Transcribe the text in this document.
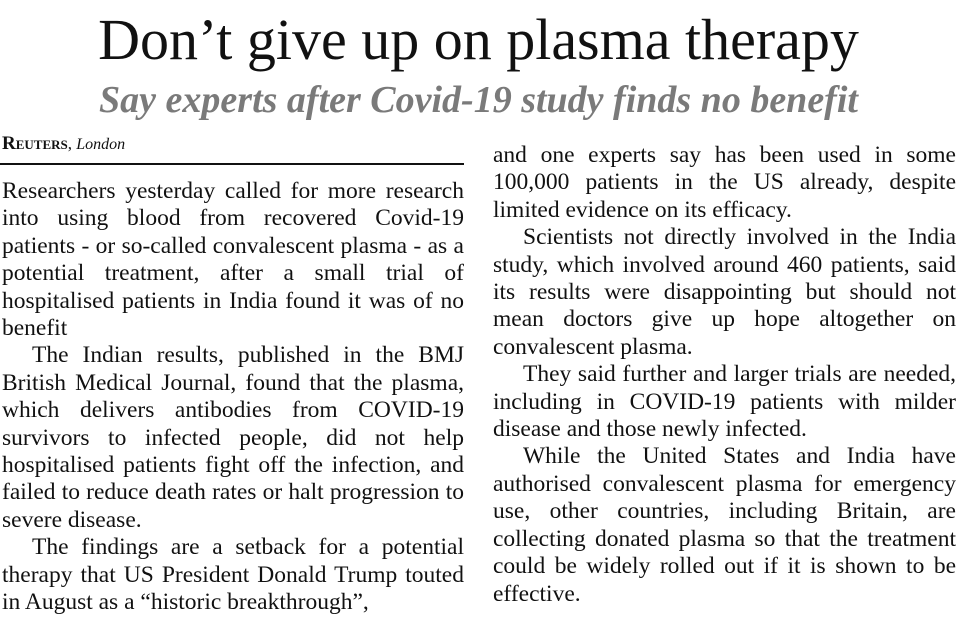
Don’t give up on plasma therapy
Say experts after Covid-19 study finds no benefit
Reuters, London

Researchers yesterday called for more research into using blood from recovered Covid-19 patients - or so-called convalescent plasma - as a potential treatment, after a small trial of hospitalised patients in India found it was of no benefit

The Indian results, published in the BMJ British Medical Journal, found that the plasma, which delivers antibodies from COVID-19 survivors to infected people, did not help hospitalised patients fight off the infection, and failed to reduce death rates or halt progression to severe disease.

The findings are a setback for a potential therapy that US President Donald Trump touted in August as a “historic breakthrough”,

and one experts say has been used in some 100,000 patients in the US already, despite limited evidence on its efficacy.

Scientists not directly involved in the India study, which involved around 460 patients, said its results were disappointing but should not mean doctors give up hope altogether on convalescent plasma.

They said further and larger trials are needed, including in COVID-19 patients with milder disease and those newly infected.

While the United States and India have authorised convalescent plasma for emergency use, other countries, including Britain, are collecting donated plasma so that the treatment could be widely rolled out if it is shown to be effective.
